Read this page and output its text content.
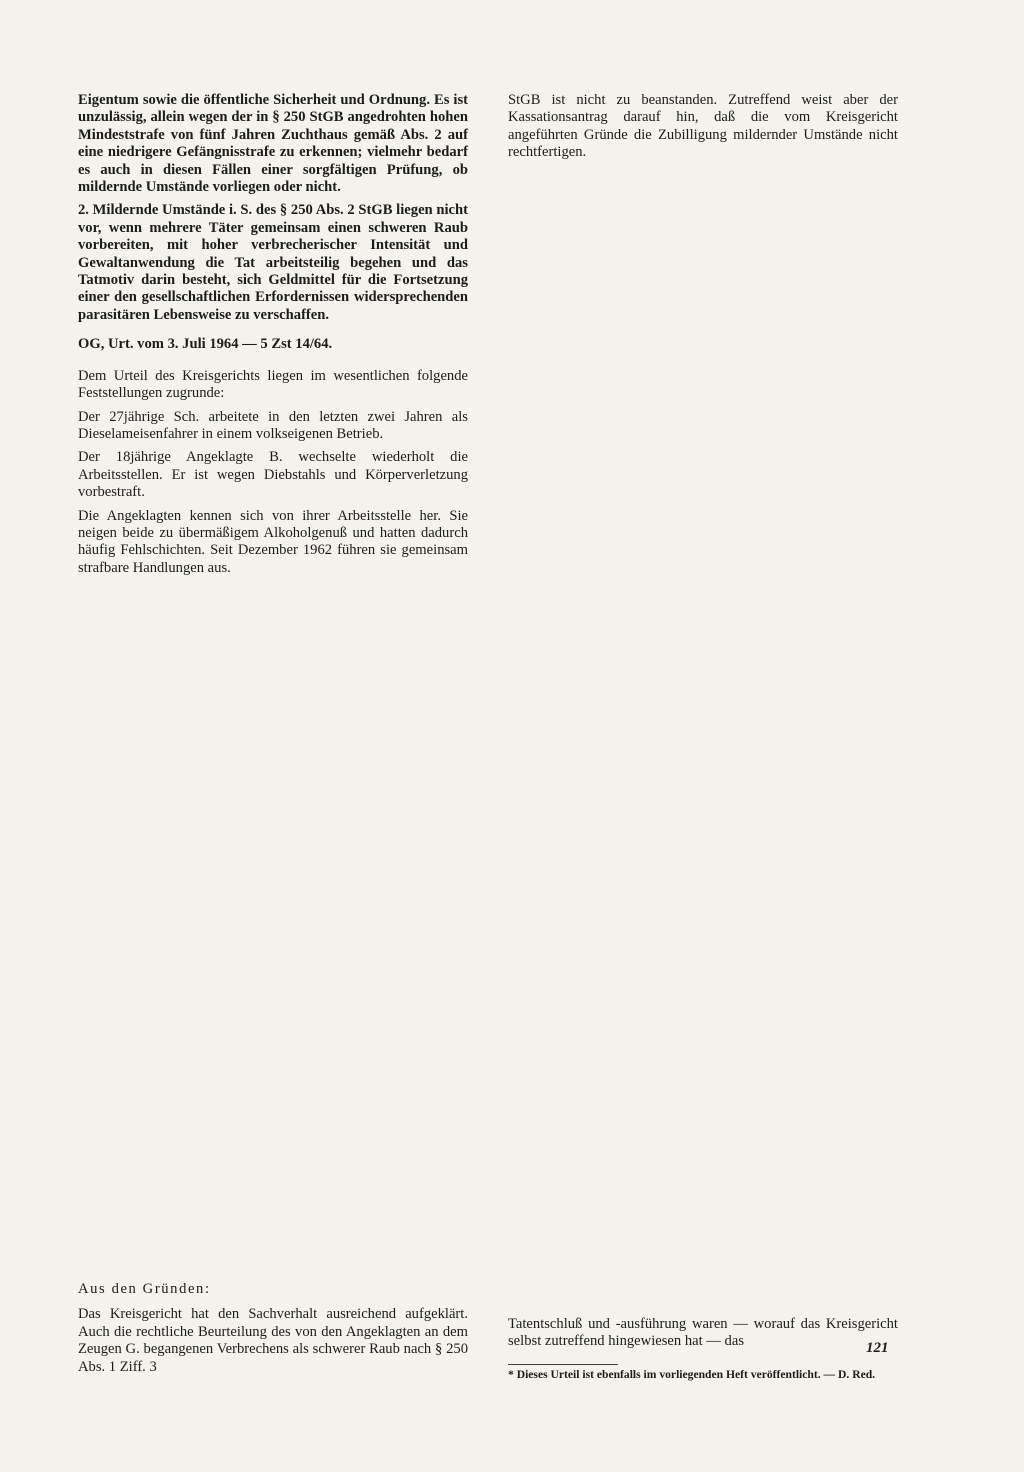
Eigentum sowie die öffentliche Sicherheit und Ordnung. Es ist unzulässig, allein wegen der in § 250 StGB angedrohten hohen Mindeststrafe von fünf Jahren Zuchthaus gemäß Abs. 2 auf eine niedrigere Gefängnisstrafe zu erkennen; vielmehr bedarf es auch in diesen Fällen einer sorgfältigen Prüfung, ob mildernde Umstände vorliegen oder nicht.

2. Mildernde Umstände i. S. des § 250 Abs. 2 StGB liegen nicht vor, wenn mehrere Täter gemeinsam einen schweren Raub vorbereiten, mit hoher verbrecherischer Intensität und Gewaltanwendung die Tat arbeitsteilig begehen und das Tatmotiv darin besteht, sich Geldmittel für die Fortsetzung einer den gesellschaftlichen Erfordernissen widersprechenden parasitären Lebensweise zu verschaffen.

OG, Urt. vom 3. Juli 1964 — 5 Zst 14/64.

Dem Urteil des Kreisgerichts liegen im wesentlichen folgende Feststellungen zugrunde:

Der 27jährige Sch. arbeitete in den letzten zwei Jahren als Dieselameisenfahrer in einem volkseigenen Betrieb.

Der 18jährige Angeklagte B. wechselte wiederholt die Arbeitsstellen. Er ist wegen Diebstahls und Körperverletzung vorbestraft.

Die Angeklagten kennen sich von ihrer Arbeitsstelle her. Sie neigen beide zu übermäßigem Alkoholgenuß und hatten dadurch häufig Fehlschichten. Seit Dezember 1962 führen sie gemeinsam strafbare Handlungen aus.

Aus den Gründen:

Das Kreisgericht hat den Sachverhalt ausreichend aufgeklärt. Auch die rechtliche Beurteilung des von den Angeklagten an dem Zeugen G. begangenen Verbrechens als schwerer Raub nach § 250 Abs. 1 Ziff. 3

StGB ist nicht zu beanstanden. Zutreffend weist aber der Kassationsantrag darauf hin, daß die vom Kreisgericht angeführten Gründe die Zubilligung mildernder Umstände nicht rechtfertigen.

Tatentschluß und -ausführung waren — worauf das Kreisgericht selbst zutreffend hingewiesen hat — das

* Dieses Urteil ist ebenfalls im vorliegenden Heft veröffentlicht. — D. Red.

121
